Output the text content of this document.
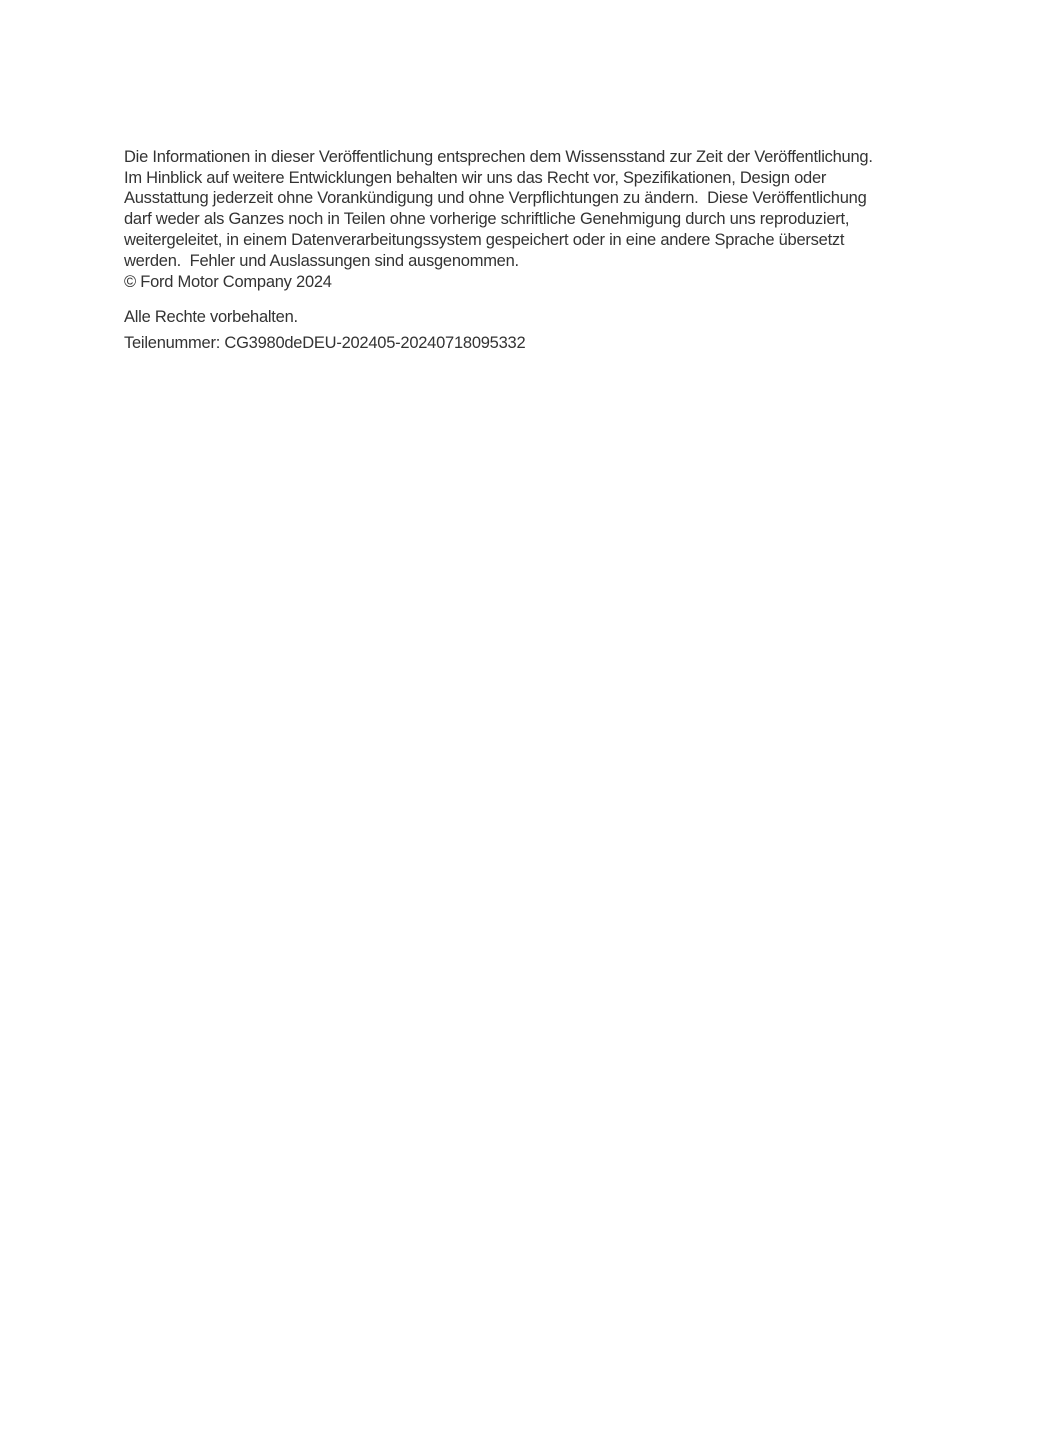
Die Informationen in dieser Veröffentlichung entsprechen dem Wissensstand zur Zeit der Veröffentlichung.
Im Hinblick auf weitere Entwicklungen behalten wir uns das Recht vor, Spezifikationen, Design oder
Ausstattung jederzeit ohne Vorankündigung und ohne Verpflichtungen zu ändern.  Diese Veröffentlichung
darf weder als Ganzes noch in Teilen ohne vorherige schriftliche Genehmigung durch uns reproduziert,
weitergeleitet, in einem Datenverarbeitungssystem gespeichert oder in eine andere Sprache übersetzt
werden.  Fehler und Auslassungen sind ausgenommen.

© Ford Motor Company 2024

Alle Rechte vorbehalten.

Teilenummer: CG3980deDEU-202405-20240718095332
